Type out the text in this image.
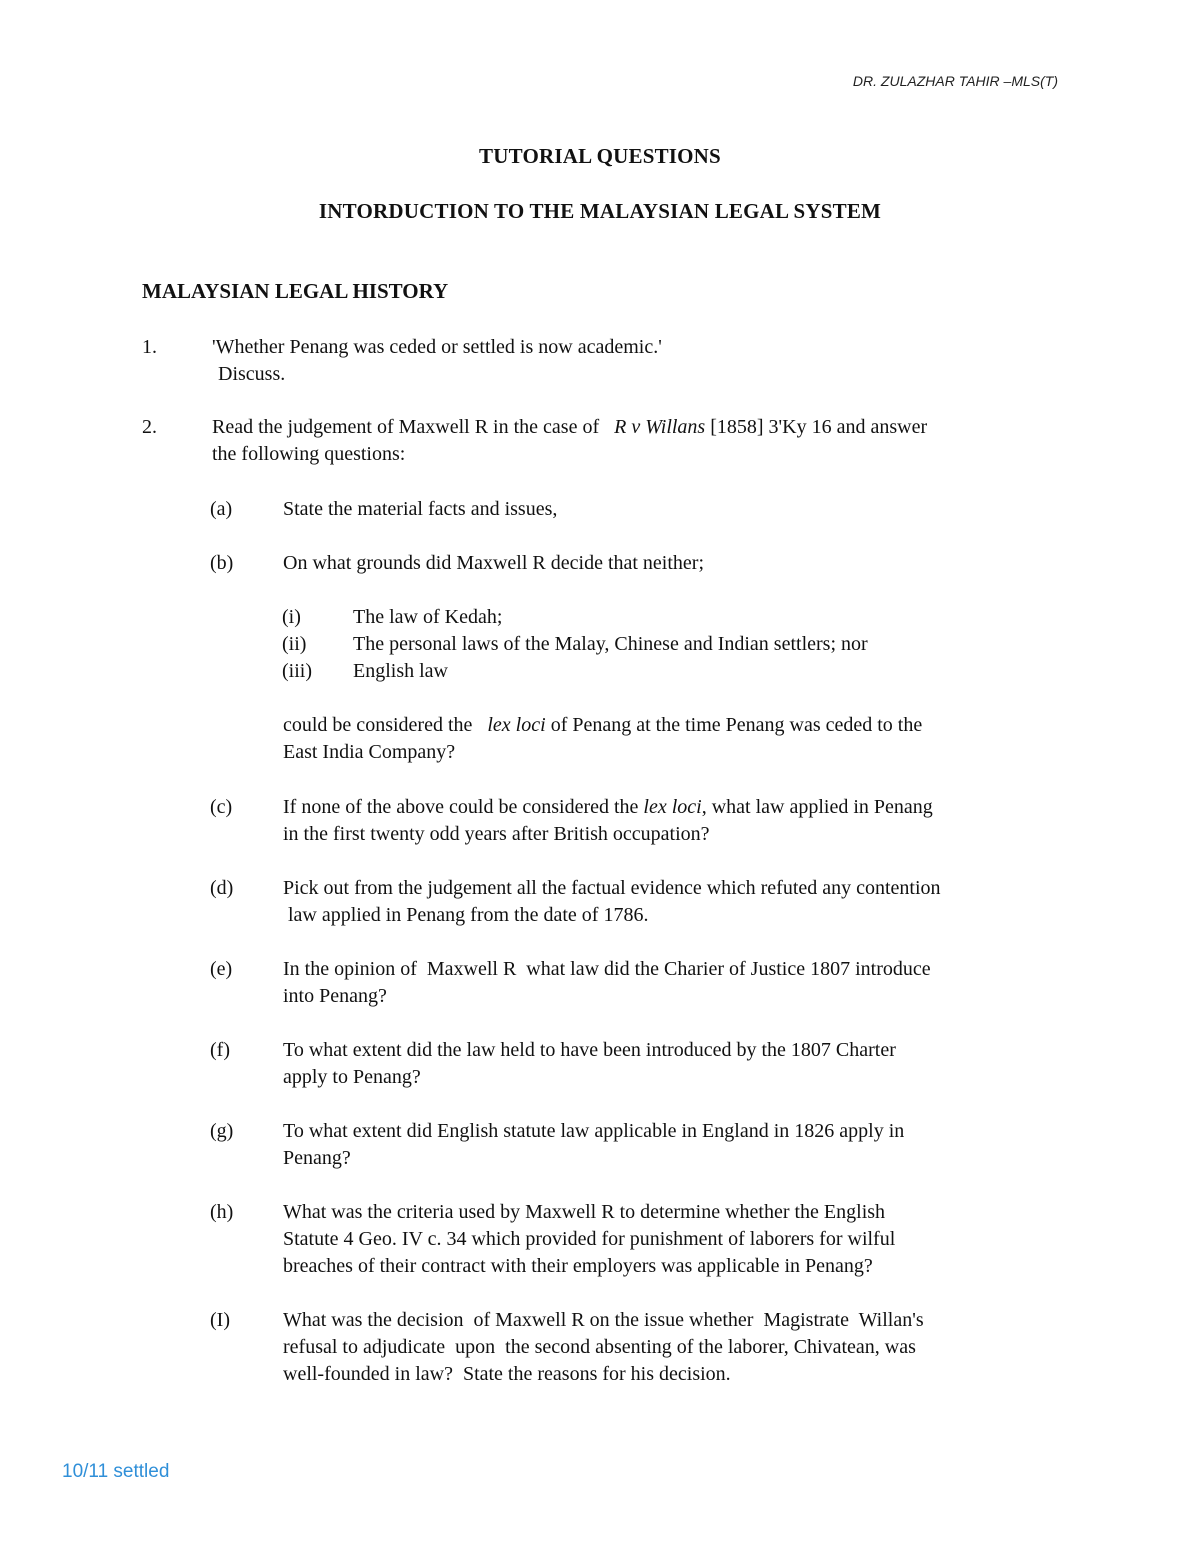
DR. ZULAZHAR TAHIR –MLS(T)
TUTORIAL QUESTIONS
INTORDUCTION TO THE MALAYSIAN LEGAL SYSTEM
MALAYSIAN LEGAL HISTORY
1.	'Whether Penang was ceded or settled is now academic.'
Discuss.
2.	Read the judgement of Maxwell R in the case of R v Willans [1858] 3'Ky 16 and answer
the following questions:
(a)	State the material facts and issues,
(b) On what grounds did Maxwell R decide that neither;
(i)	The law of Kedah;
(ii) The personal laws of the Malay, Chinese and Indian settlers; nor
(iii) English law
could be considered the lex loci of Penang at the time Penang was ceded to the
East India Company?
(c)	If none of the above could be considered the lex loci, what law applied in Penang
in the first twenty odd years after British occupation?
(d) Pick out from the judgement all the factual evidence which refuted any contention
law applied in Penang from the date of 1786.
(e)	In the opinion of  Maxwell R  what law did the Charier of Justice 1807 introduce
into Penang?
(f)	To what extent did the law held to have been introduced by the 1807 Charter
apply to Penang?
(g) To what extent did English statute law applicable in England in 1826 apply in
Penang?
(h) What was the criteria used by Maxwell R to determine whether the English
Statute 4 Geo. IV c. 34 which provided for punishment of laborers for wilful
breaches of their contract with their employers was applicable in Penang?
(I)	What was the decision  of Maxwell R on the issue whether  Magistrate  Willan's
refusal to adjudicate  upon  the second absenting of the laborer, Chivatean, was
well-founded in law?  State the reasons for his decision.
10/11 settled
